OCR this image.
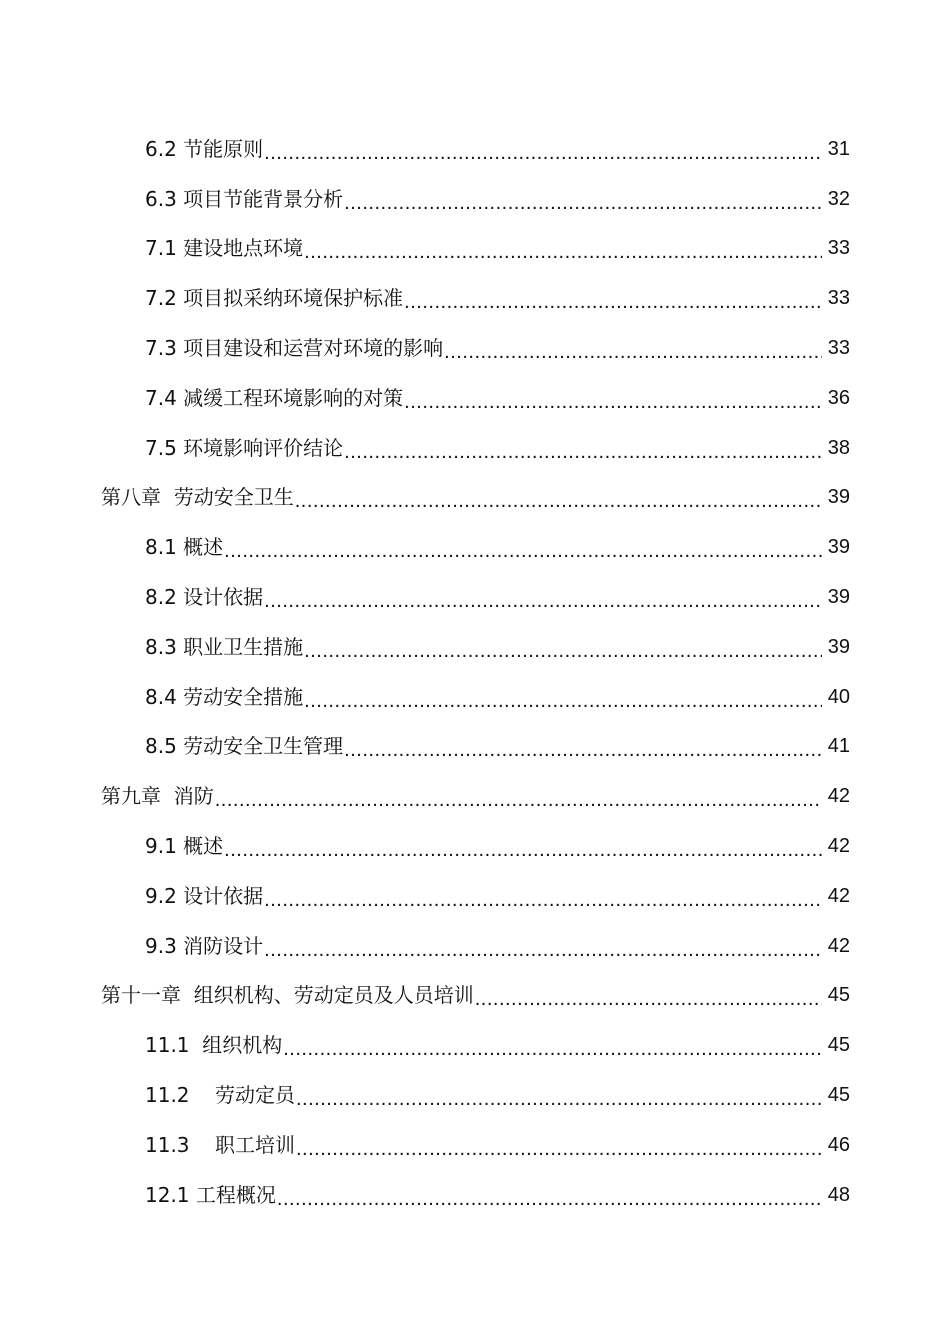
6.2 节能原则 .....	31
6.3 项目节能背景分析 .....	32
7.1 建设地点环境 .....	33
7.2 项目拟采纳环境保护标准 .....	33
7.3 项目建设和运营对环境的影响 .....	33
7.4 减缓工程环境影响的对策 .....	36
7.5 环境影响评价结论 .....	38
第八章  劳动安全卫生 .....	39
8.1 概述 .....	39
8.2 设计依据 .....	39
8.3 职业卫生措施 .....	39
8.4 劳动安全措施 .....	40
8.5 劳动安全卫生管理 .....	41
第九章  消防 .....	42
9.1 概述 .....	42
9.2 设计依据 .....	42
9.3 消防设计 .....	42
第十一章  组织机构、劳动定员及人员培训 .....	45
11.1  组织机构 .....	45
11.2    劳动定员 .....	45
11.3    职工培训 .....	46
12.1 工程概况 .....	48
